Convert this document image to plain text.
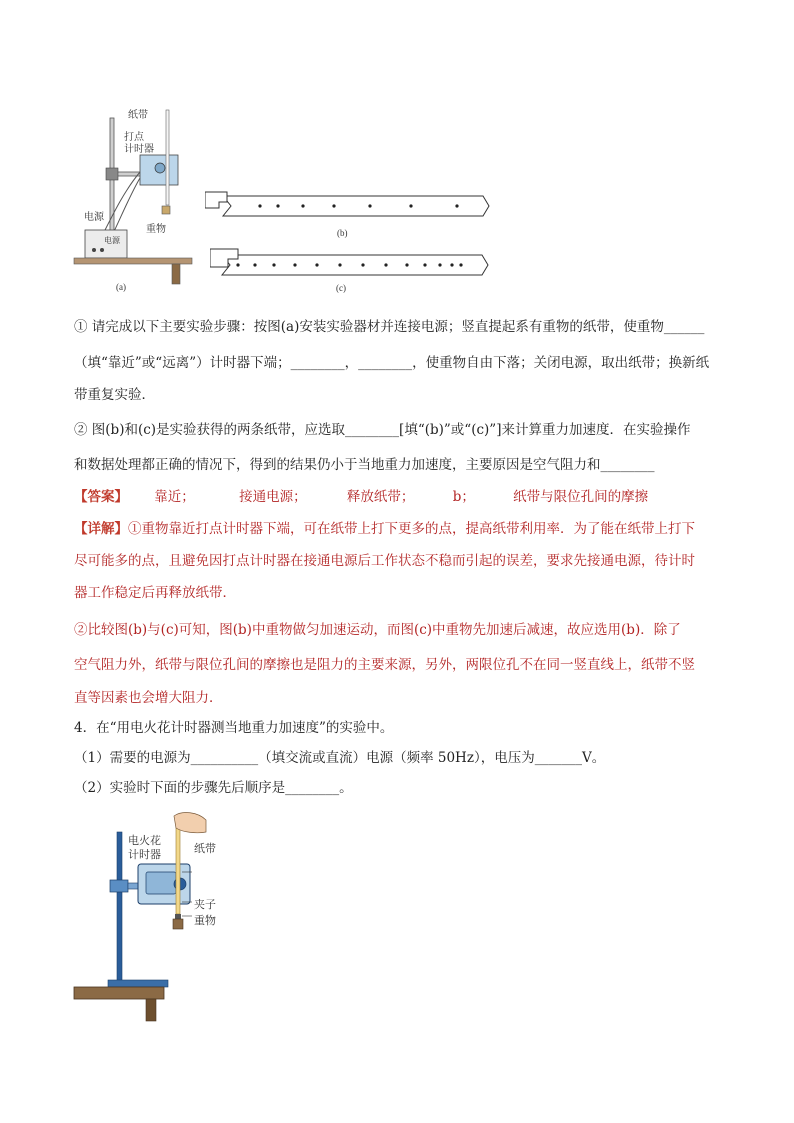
纸带
打点
计时器
电源
电源
重物
(a)
(b)
(c)
① 请完成以下主要实验步骤：按图(a)安装实验器材并连接电源；竖直提起系有重物的纸带，使重物______
（填“靠近”或“远离”）计时器下端；________，________，使重物自由下落；关闭电源，取出纸带；换新纸
带重复实验．
② 图(b)和(c)是实验获得的两条纸带，应选取________[填“(b)”或“(c)”]来计算重力加速度．在实验操作
和数据处理都正确的情况下，得到的结果仍小于当地重力加速度，主要原因是空气阻力和________
【答案】 靠近；	接通电源；	释放纸带；	b；	纸带与限位孔间的摩擦
【详解】①重物靠近打点计时器下端，可在纸带上打下更多的点，提高纸带利用率．为了能在纸带上打下
尽可能多的点，且避免因打点计时器在接通电源后工作状态不稳而引起的误差，要求先接通电源，待计时
器工作稳定后再释放纸带．
②比较图(b)与(c)可知，图(b)中重物做匀加速运动，而图(c)中重物先加速后减速，故应选用(b)．除了
空气阻力外，纸带与限位孔间的摩擦也是阻力的主要来源，另外，两限位孔不在同一竖直线上，纸带不竖
直等因素也会增大阻力．
4．在“用电火花计时器测当地重力加速度”的实验中。
（1）需要的电源为__________（填交流或直流）电源（频率 50Hz），电压为_______V。
（2）实验时下面的步骤先后顺序是________。
电火花
计时器	纸带
夹子
重物
